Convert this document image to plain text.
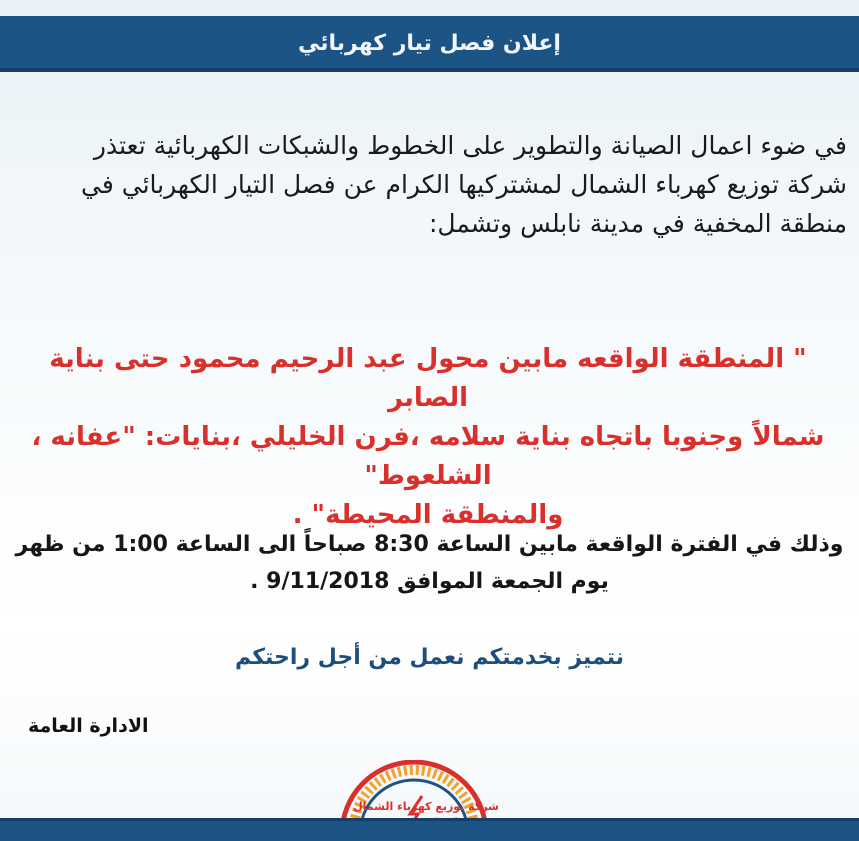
إعلان فصل تيار كهربائي
في ضوء اعمال الصيانة والتطوير على الخطوط والشبكات الكهربائية تعتذر
شركة توزيع كهرباء الشمال لمشتركيها الكرام عن فصل التيار الكهربائي في
منطقة المخفية في مدينة نابلس وتشمل:
" المنطقة الواقعه مابين محول عبد الرحيم محمود حتى بناية الصابر
شمالاً وجنوبا باتجاه بناية سلامه ،فرن الخليلي ،بنايات: "عفانه ، الشلعوط"
والمنطقة المحيطة" .
وذلك في الفترة الواقعة مابين الساعة 8:30 صباحاً الى الساعة 1:00 من ظهر
يوم الجمعة الموافق 9/11/2018 .
نتميز بخدمتكم نعمل من أجل راحتكم
الادارة العامة
شركة توزيع كهرباء الشمال
